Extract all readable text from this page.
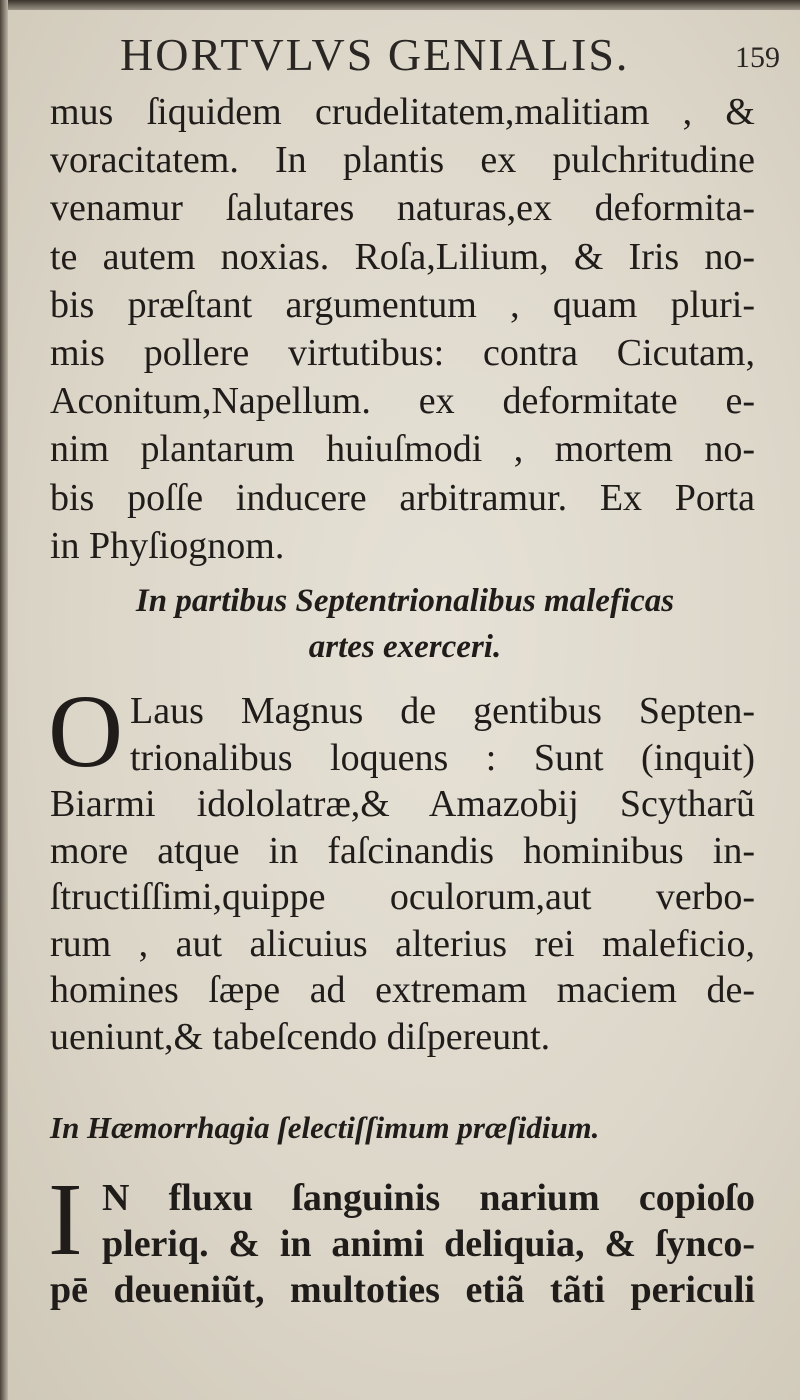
HORTVLVS GENIALIS.	159
mus ſiquidem crudelitatem,malitiam , &
voracitatem. In plantis ex pulchritudine
venamur ſalutares naturas,ex deformita-
te autem noxias. Roſa,Lilium, & Iris no-
bis præſtant argumentum , quam pluri-
mis pollere virtutibus: contra Cicutam,
Aconitum,Napellum. ex deformitate e-
nim plantarum huiuſmodi , mortem no-
bis poſſe inducere arbitramur. Ex Porta
in Phyſiognom.
In partibus Septentrionalibus maleficas
artes exerceri.
O Laus Magnus de gentibus Septen-
trionalibus loquens : Sunt (inquit)
Biarmi idololatræ,& Amazobij Scytharũ
more atque in faſcinandis hominibus in-
ſtructiſſimi,quippe oculorum,aut verbo-
rum , aut alicuius alterius rei maleficio,
homines ſæpe ad extremam maciem de-
ueniunt,& tabeſcendo diſpereunt.
In Hæmorrhagia ſelectiſſimum præſidium.
I N fluxu ſanguinis narium copioſo
pleriq. & in animi deliquia, & ſynco-
pē deueniũt, multoties etiã tãti periculi
